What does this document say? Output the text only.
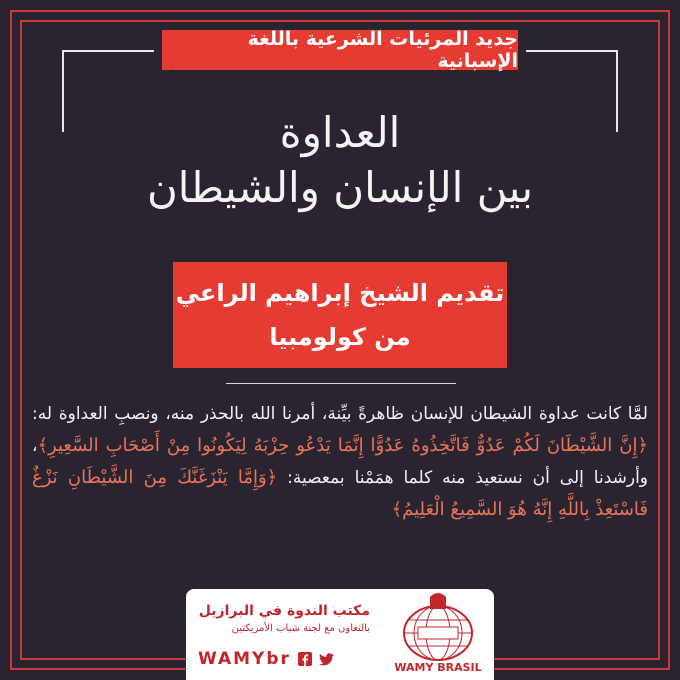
جديد المرئيات الشرعية باللغة الإسبانية
العداوة
بين الإنسان والشيطان
تقديم الشيخ إبراهيم الراعي
من كولومبيا
لمَّا كانت عداوة الشيطان للإنسان ظاهرةً بيِّنة، أمرنا الله بالحذر منه، ونصبِ العداوة له: ﴿إِنَّ الشَّيْطَانَ لَكُمْ عَدُوٌّ فَاتَّخِذُوهُ عَدُوًّا إِنَّمَا يَدْعُو حِزْبَهُ لِيَكُونُوا مِنْ أَصْحَابِ السَّعِيرِ﴾، وأرشدنا إلى أن نستعيذ منه كلما همَمْنا بمعصية: ﴿وَإِمَّا يَنْزَغَنَّكَ مِنَ الشَّيْطَانِ نَزْغٌ فَاسْتَعِذْ بِاللَّهِ إِنَّهُ هُوَ السَّمِيعُ الْعَلِيمُ﴾
WAMY BRASIL
مكتب الندوة في البرازيل
بالتعاون مع لجنة شباب الأمريكتين
WAMYbr
